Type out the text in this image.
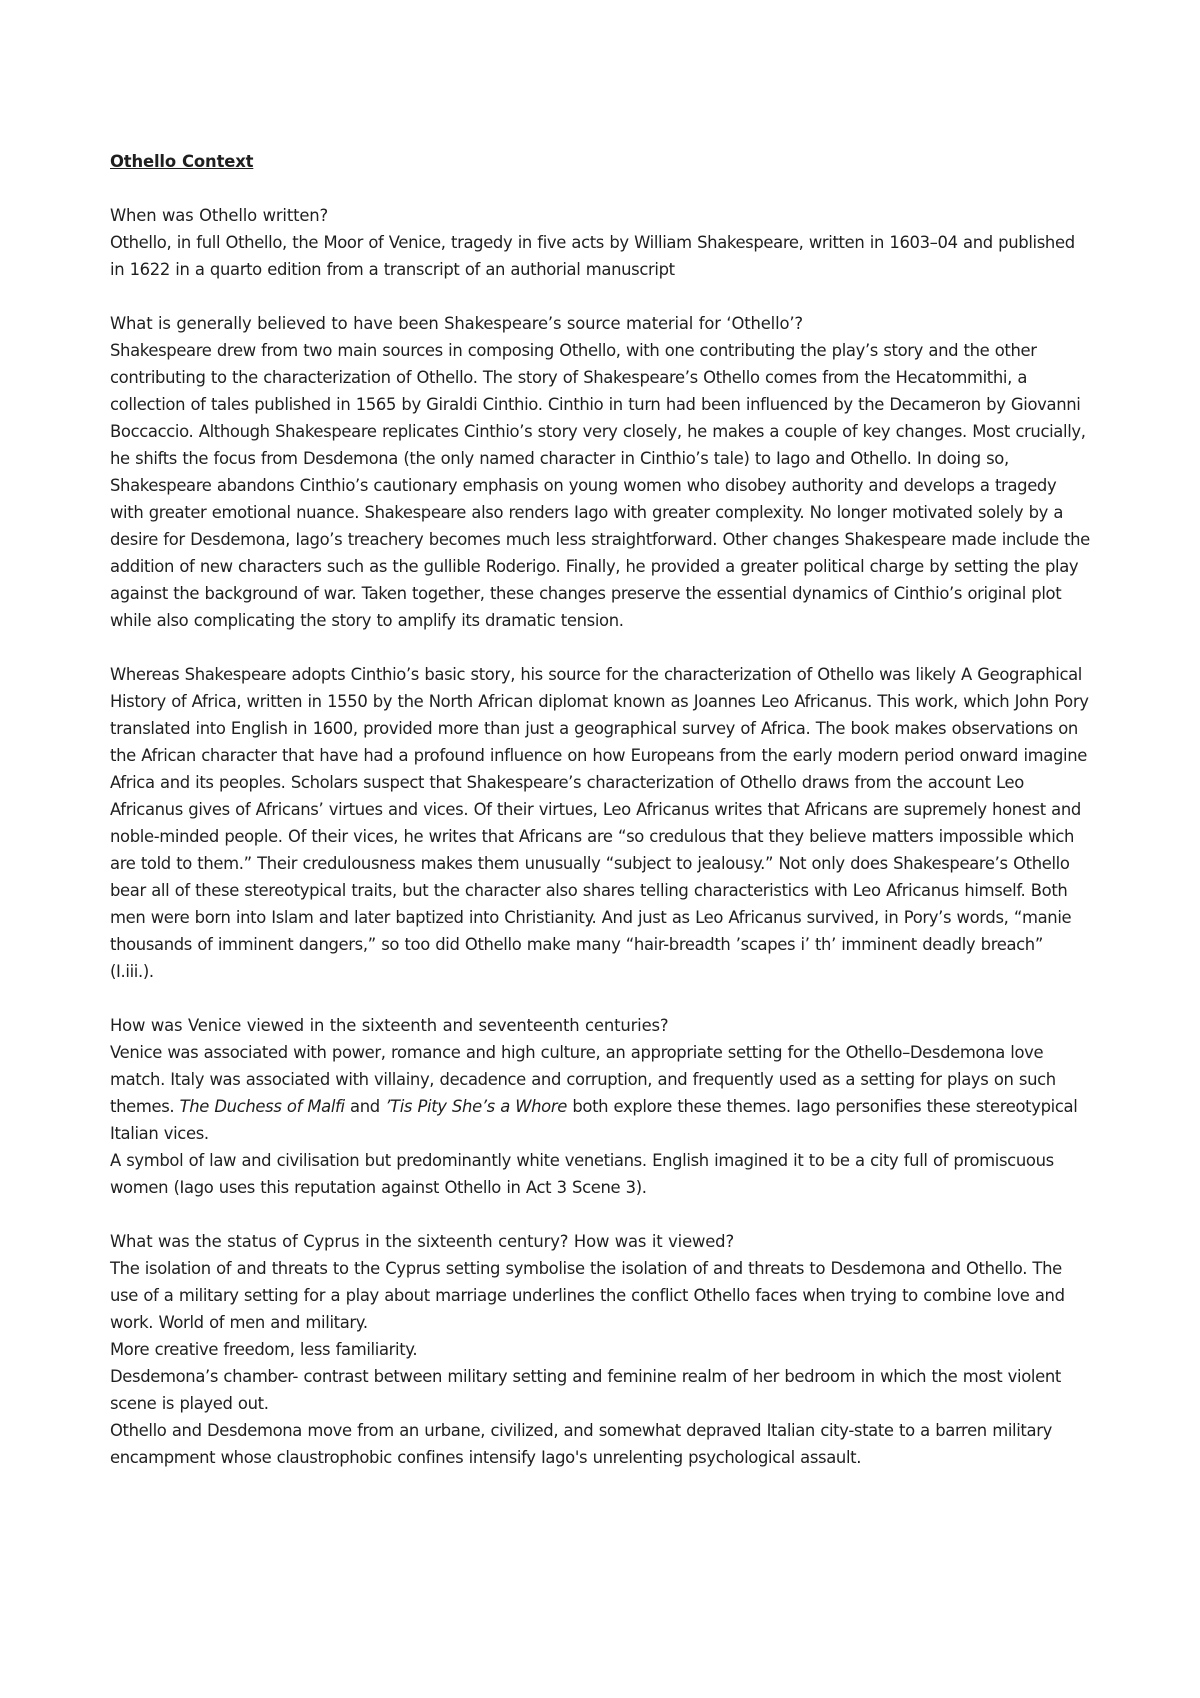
Othello Context

When was Othello written?

Othello, in full Othello, the Moor of Venice, tragedy in five acts by William Shakespeare, written in 1603–04 and published in 1622 in a quarto edition from a transcript of an authorial manuscript

What is generally believed to have been Shakespeare’s source material for ‘Othello’?

Shakespeare drew from two main sources in composing Othello, with one contributing the play’s story and the other contributing to the characterization of Othello. The story of Shakespeare’s Othello comes from the Hecatommithi, a collection of tales published in 1565 by Giraldi Cinthio. Cinthio in turn had been influenced by the Decameron by Giovanni Boccaccio. Although Shakespeare replicates Cinthio’s story very closely, he makes a couple of key changes. Most crucially, he shifts the focus from Desdemona (the only named character in Cinthio’s tale) to Iago and Othello. In doing so, Shakespeare abandons Cinthio’s cautionary emphasis on young women who disobey authority and develops a tragedy with greater emotional nuance. Shakespeare also renders Iago with greater complexity. No longer motivated solely by a desire for Desdemona, Iago’s treachery becomes much less straightforward. Other changes Shakespeare made include the addition of new characters such as the gullible Roderigo. Finally, he provided a greater political charge by setting the play against the background of war. Taken together, these changes preserve the essential dynamics of Cinthio’s original plot while also complicating the story to amplify its dramatic tension.

Whereas Shakespeare adopts Cinthio’s basic story, his source for the characterization of Othello was likely A Geographical History of Africa, written in 1550 by the North African diplomat known as Joannes Leo Africanus. This work, which John Pory translated into English in 1600, provided more than just a geographical survey of Africa. The book makes observations on the African character that have had a profound influence on how Europeans from the early modern period onward imagine Africa and its peoples. Scholars suspect that Shakespeare’s characterization of Othello draws from the account Leo Africanus gives of Africans’ virtues and vices. Of their virtues, Leo Africanus writes that Africans are supremely honest and noble-minded people. Of their vices, he writes that Africans are “so credulous that they believe matters impossible which are told to them.” Their credulousness makes them unusually “subject to jealousy.” Not only does Shakespeare’s Othello bear all of these stereotypical traits, but the character also shares telling characteristics with Leo Africanus himself. Both men were born into Islam and later baptized into Christianity. And just as Leo Africanus survived, in Pory’s words, “manie thousands of imminent dangers,” so too did Othello make many “hair-breadth ’scapes i’ th’ imminent deadly breach” (I.iii.).

How was Venice viewed in the sixteenth and seventeenth centuries?

Venice was associated with power, romance and high culture, an appropriate setting for the Othello–Desdemona love match. Italy was associated with villainy, decadence and corruption, and frequently used as a setting for plays on such themes. The Duchess of Malfi and ’Tis Pity She’s a Whore both explore these themes. Iago personifies these stereotypical Italian vices.

A symbol of law and civilisation but predominantly white venetians. English imagined it to be a city full of promiscuous women (Iago uses this reputation against Othello in Act 3 Scene 3).

What was the status of Cyprus in the sixteenth century? How was it viewed?

The isolation of and threats to the Cyprus setting symbolise the isolation of and threats to Desdemona and Othello. The use of a military setting for a play about marriage underlines the conflict Othello faces when trying to combine love and work. World of men and military.

More creative freedom, less familiarity.

Desdemona’s chamber- contrast between military setting and feminine realm of her bedroom in which the most violent scene is played out.

Othello and Desdemona move from an urbane, civilized, and somewhat depraved Italian city-state to a barren military encampment whose claustrophobic confines intensify Iago's unrelenting psychological assault.
